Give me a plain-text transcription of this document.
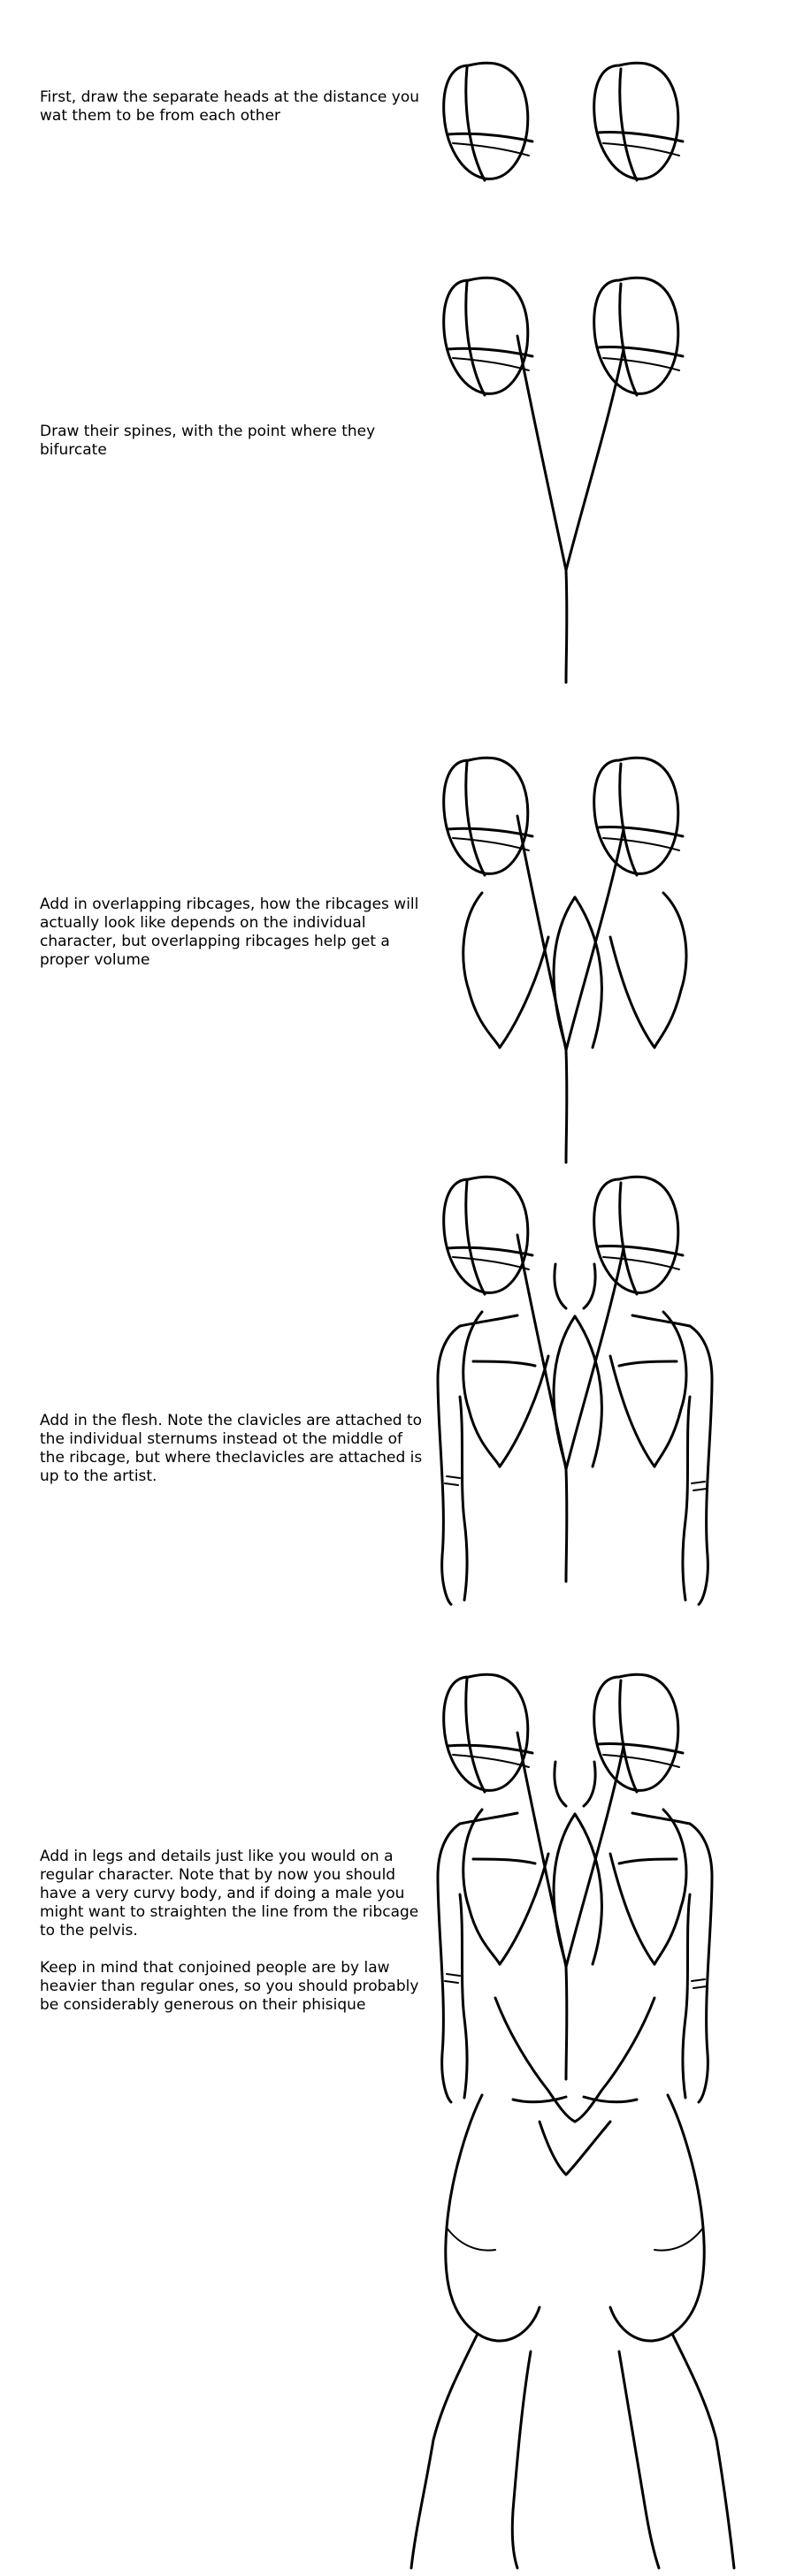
First, draw the separate heads at the distance you wat them to be from each other

Draw their spines, with the point where they bifurcate

Add in overlapping ribcages, how the ribcages will actually look like depends on the individual character, but overlapping ribcages help get a proper volume

Add in the flesh. Note the clavicles are attached to the individual sternums instead ot the middle of the ribcage, but where theclavicles are attached is up to the artist.

Add in legs and details just like you would on a regular character. Note that by now you should have a very curvy body, and if doing a male you might want to straighten the line from the ribcage to the pelvis.

Keep in mind that conjoined people are by law heavier than regular ones, so you should probably be considerably generous on their phisique
